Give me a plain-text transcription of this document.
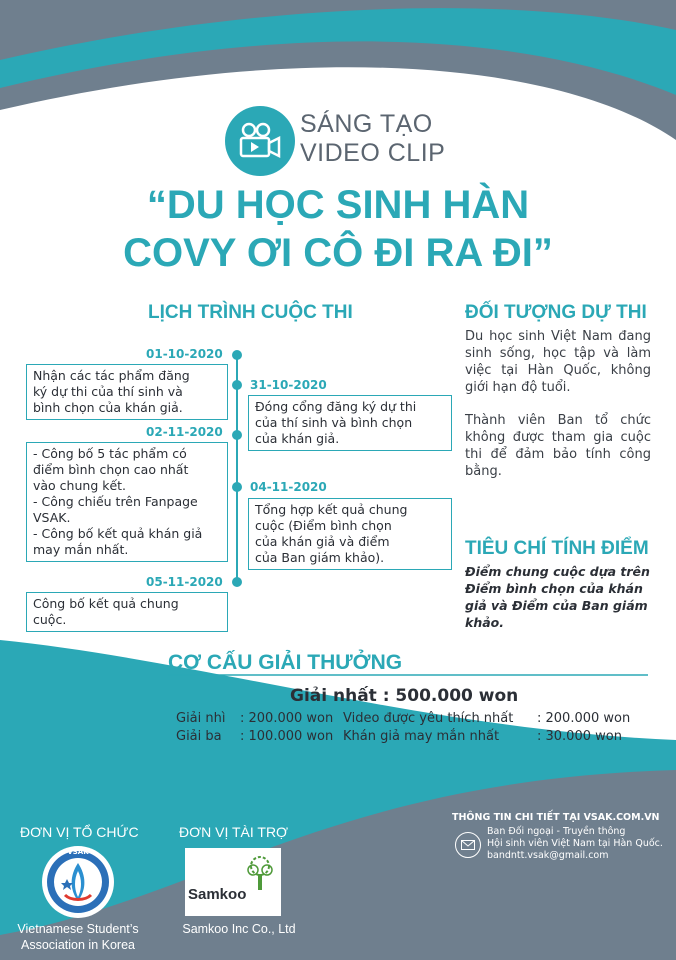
SÁNG TẠO
VIDEO CLIP
“DU HỌC SINH HÀN
COVY ƠI CÔ ĐI RA ĐI”
LỊCH TRÌNH CUỘC THI
01-10-2020
Nhận các tác phẩm đăng
ký dự thi của thí sinh và
bình chọn của khán giả.
31-10-2020
Đóng cổng đăng ký dự thi
của thí sinh và bình chọn
của khán giả.
02-11-2020
- Công bố 5 tác phẩm có
điểm bình chọn cao nhất
vào chung kết.
- Công chiếu trên Fanpage
VSAK.
- Công bố kết quả khán giả
may mắn nhất.
04-11-2020
Tổng hợp kết quả chung
cuộc (Điểm bình chọn
của khán giả và điểm
của Ban giám khảo).
05-11-2020
Công bố kết quả chung
cuộc.
ĐỐI TƯỢNG DỰ THI
Du học sinh Việt Nam đang sinh sống, học tập và làm việc tại Hàn Quốc, không giới hạn độ tuổi.
Thành viên Ban tổ chức không được tham gia cuộc thi để đảm bảo tính công bằng.
TIÊU CHÍ TÍNH ĐIỂM
Điểm chung cuộc dựa trên Điểm bình chọn của khán giả và Điểm của Ban giám khảo.
CƠ CẤU GIẢI THƯỞNG
Giải nhất : 500.000 won
Giải nhì : 200.000 won
Giải ba : 100.000 won
Video được yêu thích nhất : 200.000 won
Khán giả may mắn nhất	: 30.000 won
ĐƠN VỊ TỔ CHỨC
VSAK
Vietnamese Student’s
Association in Korea
ĐƠN VỊ TÀI TRỢ
Samkoo
Samkoo Inc Co., Ltd
THÔNG TIN CHI TIẾT TẠI VSAK.COM.VN
Ban Đối ngoại - Truyền thông
Hội sinh viên Việt Nam tại Hàn Quốc.
bandntt.vsak@gmail.com
